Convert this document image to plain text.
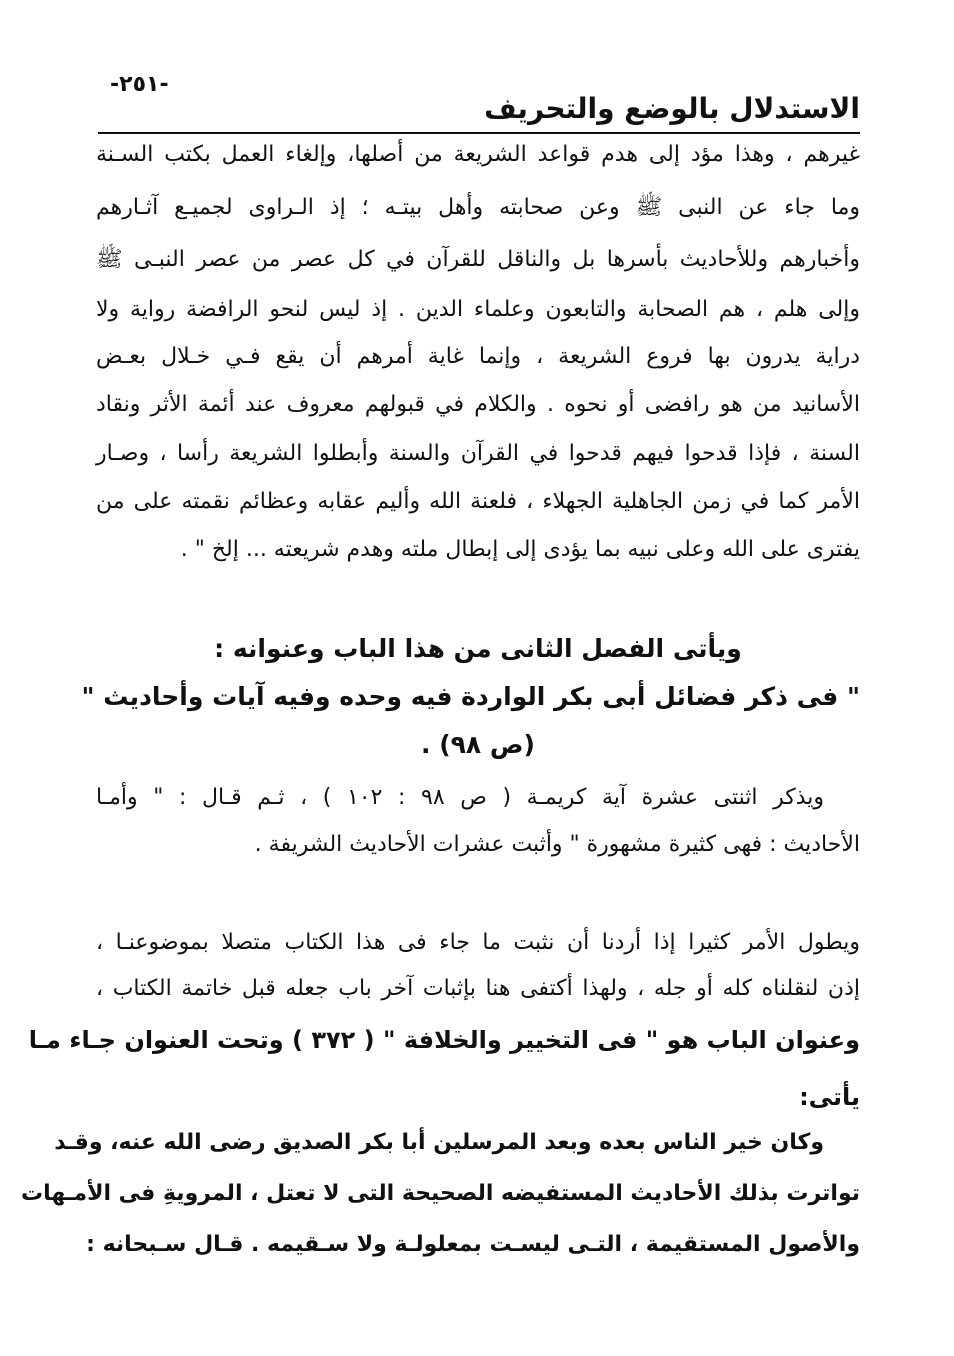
-٢٥١-
الاستدلال بالوضع والتحريف
غيرهم ، وهذا مؤد إلى هدم قواعد الشريعة من أصلها، وإلغاء العمل بكتب السـنة
وما جاء عن النبى ﷺ وعن صحابته وأهل بيتـه ؛ إذ الـراوى لجميـع آثـارهم
وأخبارهم وللأحاديث بأسرها بل والناقل للقرآن في كل عصر من عصر النبـى ﷺ
وإلى هلم ، هم الصحابة والتابعون وعلماء الدين . إذ ليس لنحو الرافضة رواية ولا
دراية يدرون بها فروع الشريعة ، وإنما غاية أمرهم أن يقع فـي خـلال بعـض
الأسانيد من هو رافضى أو نحوه . والكلام في قبولهم معروف عند أئمة الأثر ونقاد
السنة ، فإذا قدحوا فيهم قدحوا في القرآن والسنة وأبطلوا الشريعة رأسا ، وصـار
الأمر كما في زمن الجاهلية الجهلاء ، فلعنة الله وأليم عقابه وعظائم نقمته على من
يفترى على الله وعلى نبيه بما يؤدى إلى إبطال ملته وهدم شريعته ... إلخ " .
ويأتى الفصل الثانى من هذا الباب وعنوانه :
" فى ذكر فضائل أبى بكر الواردة فيه وحده وفيه آيات وأحاديث "
(ص ٩٨) .
ويذكر اثنتى عشرة آية كريمـة ( ص ٩٨ : ١٠٢ ) ، ثـم قـال : " وأمـا
الأحاديث : فهى كثيرة مشهورة " وأثبت عشرات الأحاديث الشريفة .
ويطول الأمر كثيرا إذا أردنا أن نثبت ما جاء فى هذا الكتاب متصلا بموضوعنـا ،
إذن لنقلناه كله أو جله ، ولهذا أكتفى هنا بإثبات آخر باب جعله قبل خاتمة الكتاب ،
وعنوان الباب هو " فى التخيير والخلافة " ( ٣٧٢ ) وتحت العنوان جـاء مـا
يأتى:
وكان خير الناس بعده وبعد المرسلين أبا بكر الصديق رضى الله عنه، وقـد
تواترت بذلك الأحاديث المستفيضه الصحيحة التى لا تعتل ، المرويةِ فى الأمـهات
والأصول المستقيمة ، التـى ليسـت بمعلولـة ولا سـقيمه . قـال سـبحانه :
